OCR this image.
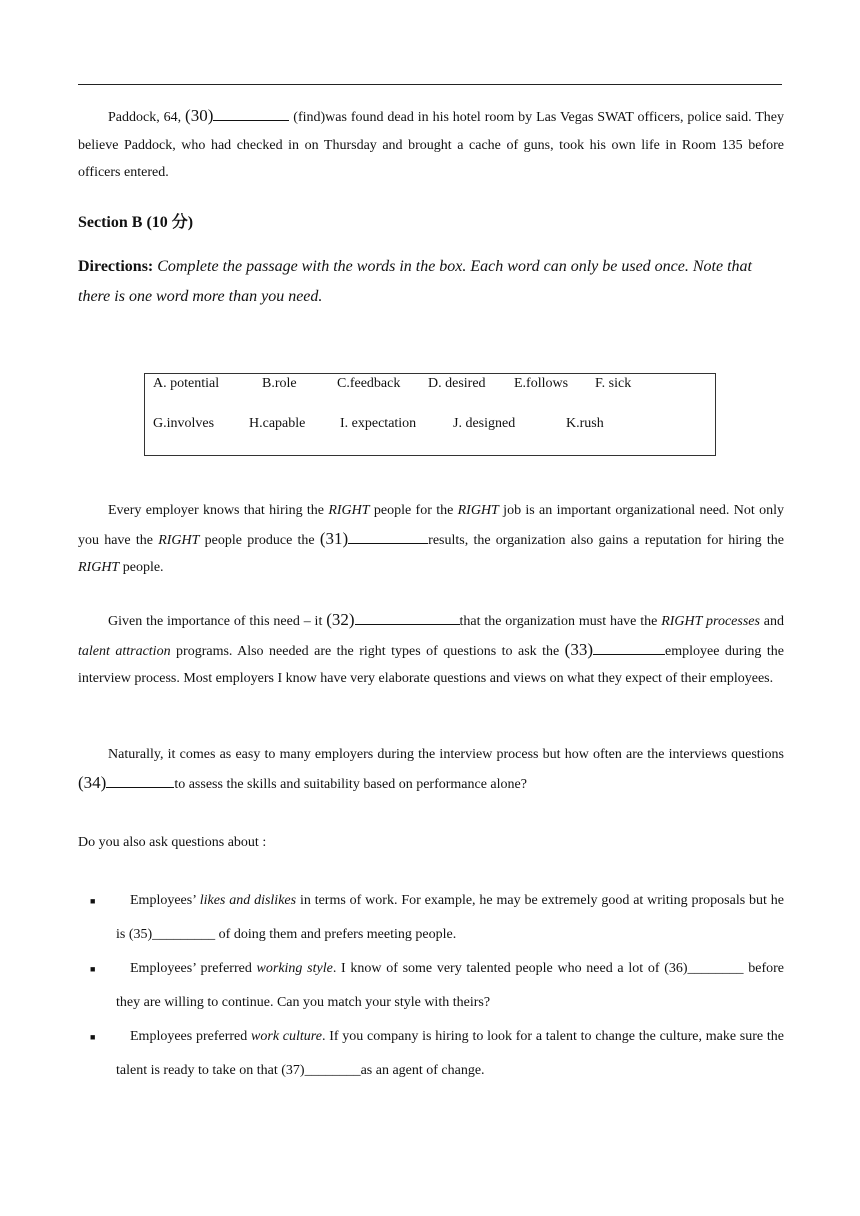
Paddock, 64, (30)	(find)was found dead in his hotel room by Las Vegas SWAT officers, police said. They believe Paddock, who had checked in on Thursday and brought a cache of guns, took his own life in Room 135 before officers entered.

Section B (10 分)
Directions: Complete the passage with the words in the box. Each word can only be used once. Note that there is one word more than you need.
A. potential	B.role	C.feedback D. desired E.follows F. sick
G.involves H.capable I. expectation	J. designed	K.rush

Every employer knows that hiring the RIGHT people for the RIGHT job is an important organizational need. Not only you have the RIGHT people produce the (31)	results, the organization also gains a reputation for hiring the RIGHT people.

Given the importance of this need – it (32)	that the organization must have the RIGHT processes and talent attraction programs. Also needed are the right types of questions to ask the (33)	employee during the interview process. Most employers I know have very elaborate questions and views on what they expect of their employees.

Naturally, it comes as easy to many employers during the interview process but how often are the interviews questions (34)	to assess the skills and suitability based on performance alone?

Do you also ask questions about :

■	Employees’ likes and dislikes in terms of work. For example, he may be extremely good at writing proposals but he is (35)_________ of doing them and prefers meeting people.
■	Employees’ preferred working style. I know of some very talented people who need a lot of (36)________ before they are willing to continue. Can you match your style with theirs?
■	Employees preferred work culture. If you company is hiring to look for a talent to change the culture, make sure the talent is ready to take on that (37)________as an agent of change.
